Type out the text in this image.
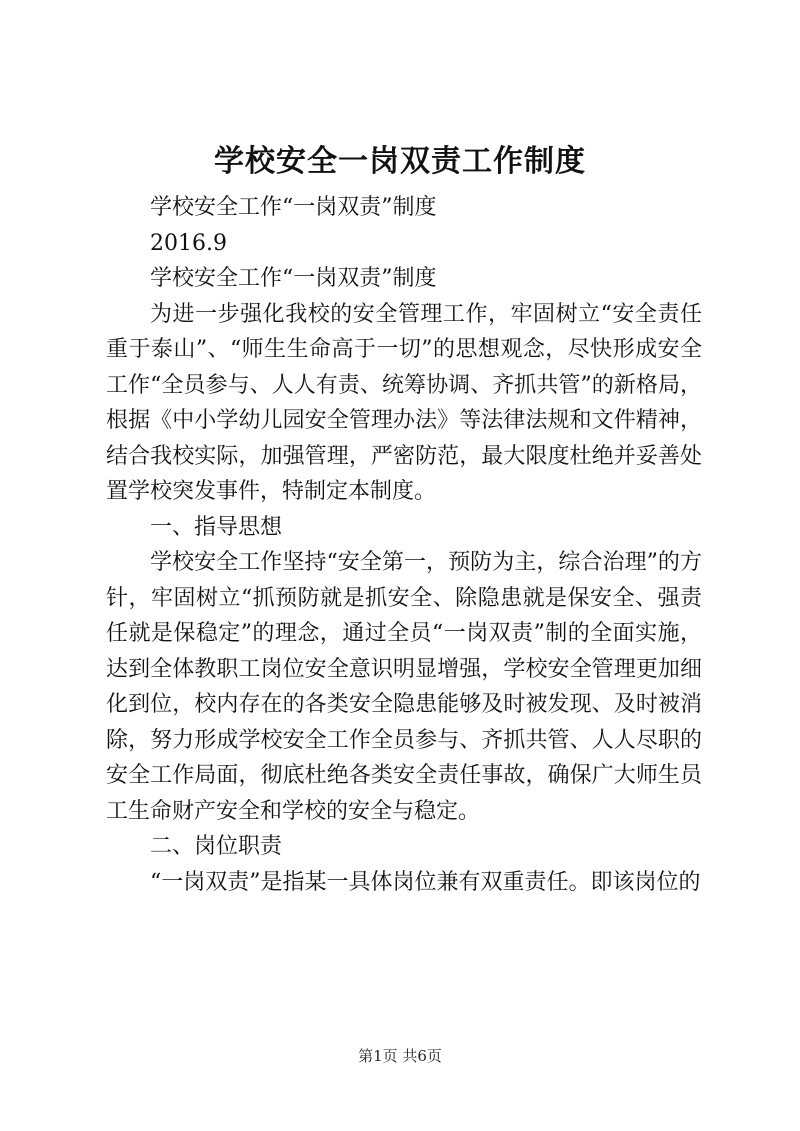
学校安全一岗双责工作制度

学校安全工作“一岗双责”制度

2016.9

学校安全工作“一岗双责”制度

为进一步强化我校的安全管理工作，牢固树立“安全责任重于泰山”、“师生生命高于一切”的思想观念，尽快形成安全工作“全员参与、人人有责、统筹协调、齐抓共管”的新格局，根据《中小学幼儿园安全管理办法》等法律法规和文件精神，结合我校实际，加强管理，严密防范，最大限度杜绝并妥善处置学校突发事件，特制定本制度。

一、指导思想

学校安全工作坚持“安全第一，预防为主，综合治理”的方针，牢固树立“抓预防就是抓安全、除隐患就是保安全、强责任就是保稳定”的理念，通过全员“一岗双责”制的全面实施，达到全体教职工岗位安全意识明显增强，学校安全管理更加细化到位，校内存在的各类安全隐患能够及时被发现、及时被消除，努力形成学校安全工作全员参与、齐抓共管、人人尽职的安全工作局面，彻底杜绝各类安全责任事故，确保广大师生员工生命财产安全和学校的安全与稳定。

二、岗位职责

“一岗双责”是指某一具体岗位兼有双重责任。即该岗位的

第1页 共6页
